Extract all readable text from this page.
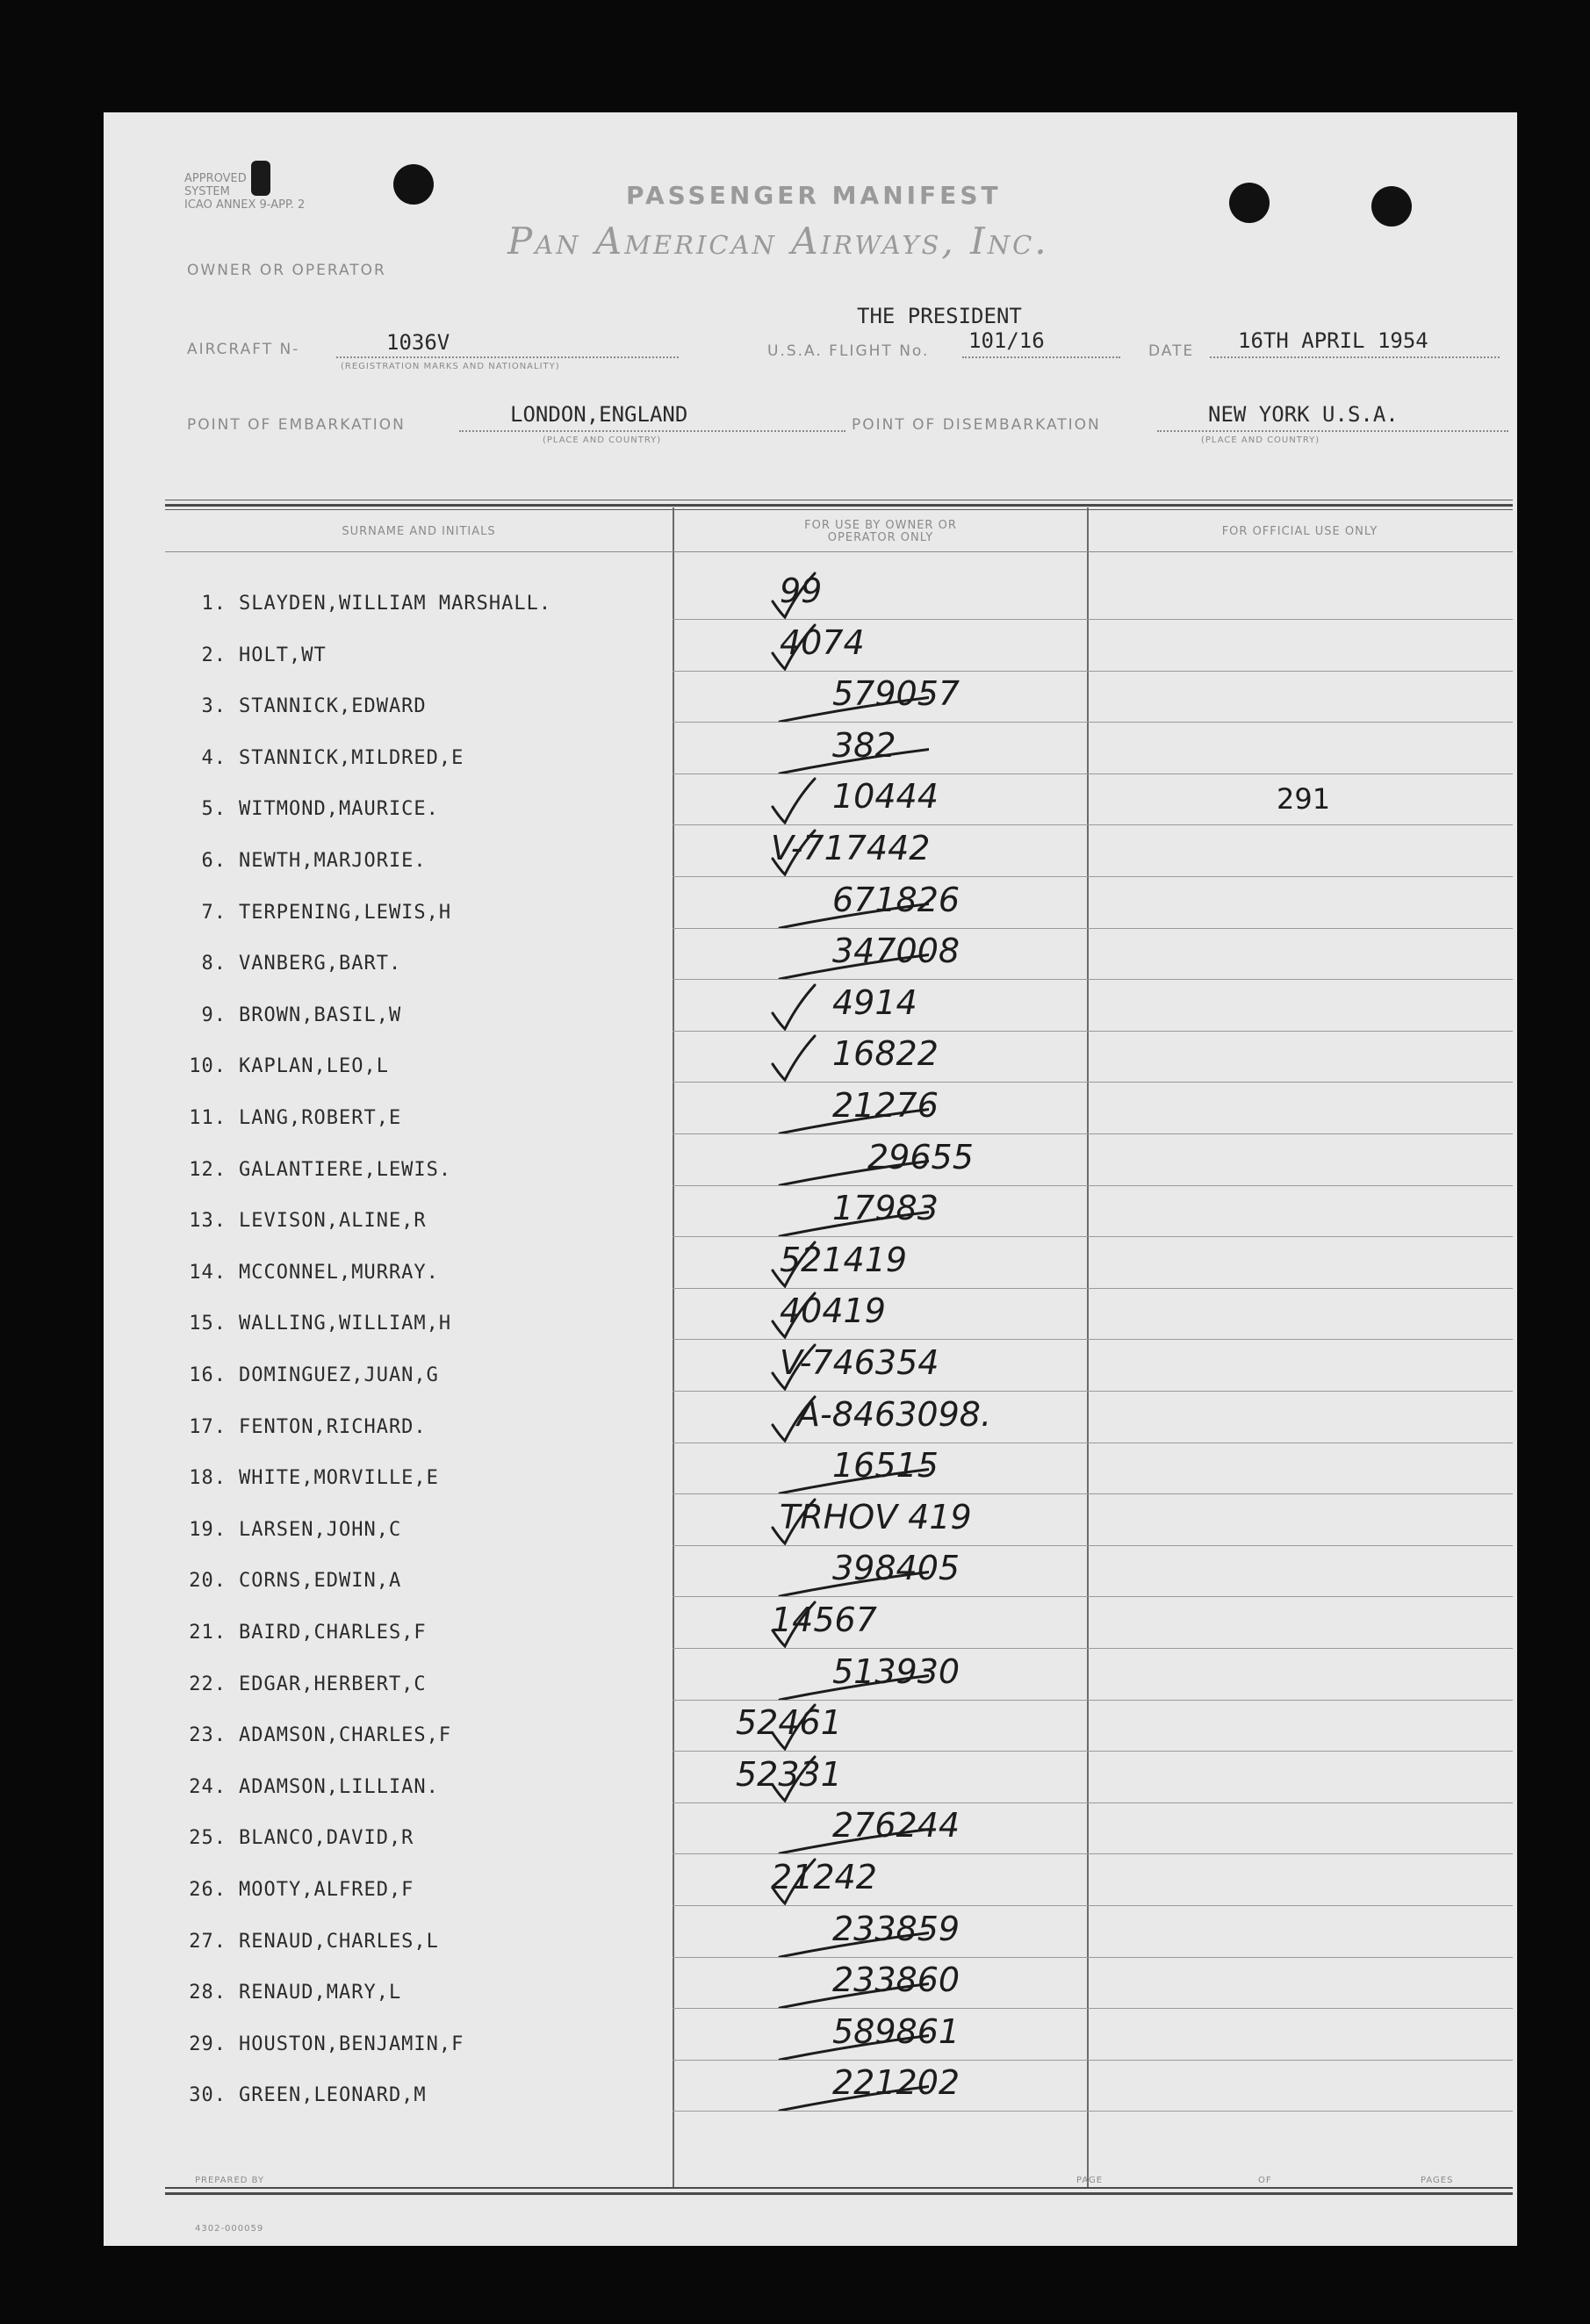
APPROVED
SYSTEM
ICAO ANNEX 9-APP. 2	PASSENGER MANIFEST
Pan American Airways, Inc.
OWNER OR OPERATOR
AIRCRAFT N-	1036V
(REGISTRATION MARKS AND NATIONALITY)
THE PRESIDENT
U.S.A. FLIGHT No. 101/16	DATE 16TH APRIL 1954
POINT OF EMBARKATION	LONDON,ENGLAND
(PLACE AND COUNTRY)
POINT OF DISEMBARKATION	NEW YORK U.S.A.
(PLACE AND COUNTRY)
SURNAME AND INITIALS	FOR USE BY OWNER OR OPERATOR ONLY	FOR OFFICIAL USE ONLY
1. SLAYDEN,WILLIAM MARSHALL.	99
2. HOLT,WT	4074
3. STANNICK,EDWARD	579057
4. STANNICK,MILDRED,E	382
5. WITMOND,MAURICE.	10444	291
6. NEWTH,MARJORIE.	V-717442
7. TERPENING,LEWIS,H	671826
8. VANBERG,BART.	347008
9. BROWN,BASIL,W	4914
10. KAPLAN,LEO,L	16822
11. LANG,ROBERT,E	21276
12. GALANTIERE,LEWIS.	29655
13. LEVISON,ALINE,R	17983
14. MCCONNEL,MURRAY.	521419
15. WALLING,WILLIAM,H	40419
16. DOMINGUEZ,JUAN,G	V-746354
17. FENTON,RICHARD.	A-8463098.
18. WHITE,MORVILLE,E	16515
19. LARSEN,JOHN,C	TRHOV 419
20. CORNS,EDWIN,A	398405
21. BAIRD,CHARLES,F	14567
22. EDGAR,HERBERT,C	513930
23. ADAMSON,CHARLES,F	52461
24. ADAMSON,LILLIAN.	52331
25. BLANCO,DAVID,R	276244
26. MOOTY,ALFRED,F	21242
27. RENAUD,CHARLES,L	233859
28. RENAUD,MARY,L	233860
29. HOUSTON,BENJAMIN,F	589861
30. GREEN,LEONARD,M	221202
PREPARED BY	PAGE	OF	PAGES
4302-000059
